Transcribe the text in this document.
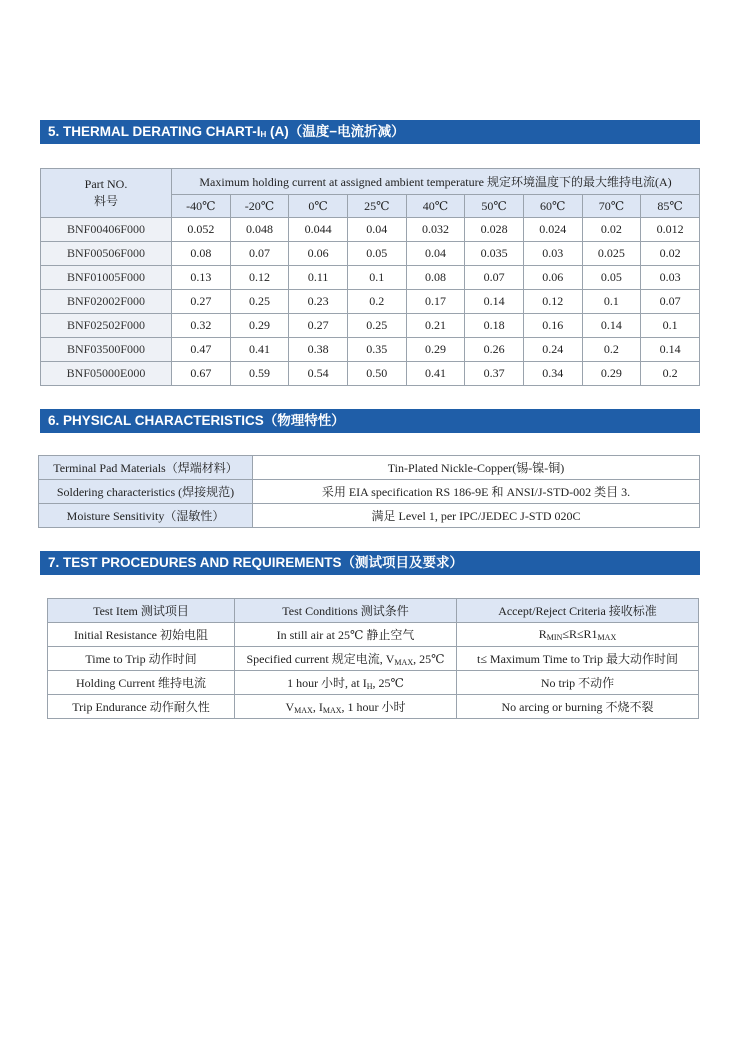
5. THERMAL DERATING CHART-$I_H$ (A)（温度−电流折减）
Part NO.
料号	Maximum holding current at assigned ambient temperature 规定环境温度下的最大维持电流(A)								
	-40℃	-20℃	0℃	25℃	40℃	50℃	60℃	70℃	85℃
BNF00406F000	0.052	0.048	0.044	0.04	0.032	0.028	0.024	0.02	0.012
BNF00506F000	0.08	0.07	0.06	0.05	0.04	0.035	0.03	0.025	0.02
BNF01005F000	0.13	0.12	0.11	0.1	0.08	0.07	0.06	0.05	0.03
BNF02002F000	0.27	0.25	0.23	0.2	0.17	0.14	0.12	0.1	0.07
BNF02502F000	0.32	0.29	0.27	0.25	0.21	0.18	0.16	0.14	0.1
BNF03500F000	0.47	0.41	0.38	0.35	0.29	0.26	0.24	0.2	0.14
BNF05000E000	0.67	0.59	0.54	0.50	0.41	0.37	0.34	0.29	0.2
6. PHYSICAL CHARACTERISTICS（物理特性）
Terminal Pad Materials（焊端材料）	Tin-Plated Nickle-Copper(锡-镍-铜)
Soldering characteristics (焊接规范)	采用 EIA specification RS 186-9E 和 ANSI/J-STD-002 类目 3.
Moisture Sensitivity（湿敏性）	满足 Level 1, per IPC/JEDEC J-STD 020C
7. TEST PROCEDURES AND REQUIREMENTS（测试项目及要求）
Test Item 测试项目	Test Conditions 测试条件	Accept/Reject Criteria 接收标准
Initial Resistance 初始电阻	In still air at 25℃ 静止空气	$R_{MIN}\le R\le R1_{MAX}$
Time to Trip 动作时间	Specified current 规定电流, $V_{MAX}$, 25℃	t≤ Maximum Time to Trip 最大动作时间
Holding Current 维持电流	1 hour 小时, at $I_H$, 25℃	No trip 不动作
Trip Endurance 动作耐久性	$V_{MAX}$, $I_{MAX}$, 1 hour 小时	No arcing or burning 不烧不裂
